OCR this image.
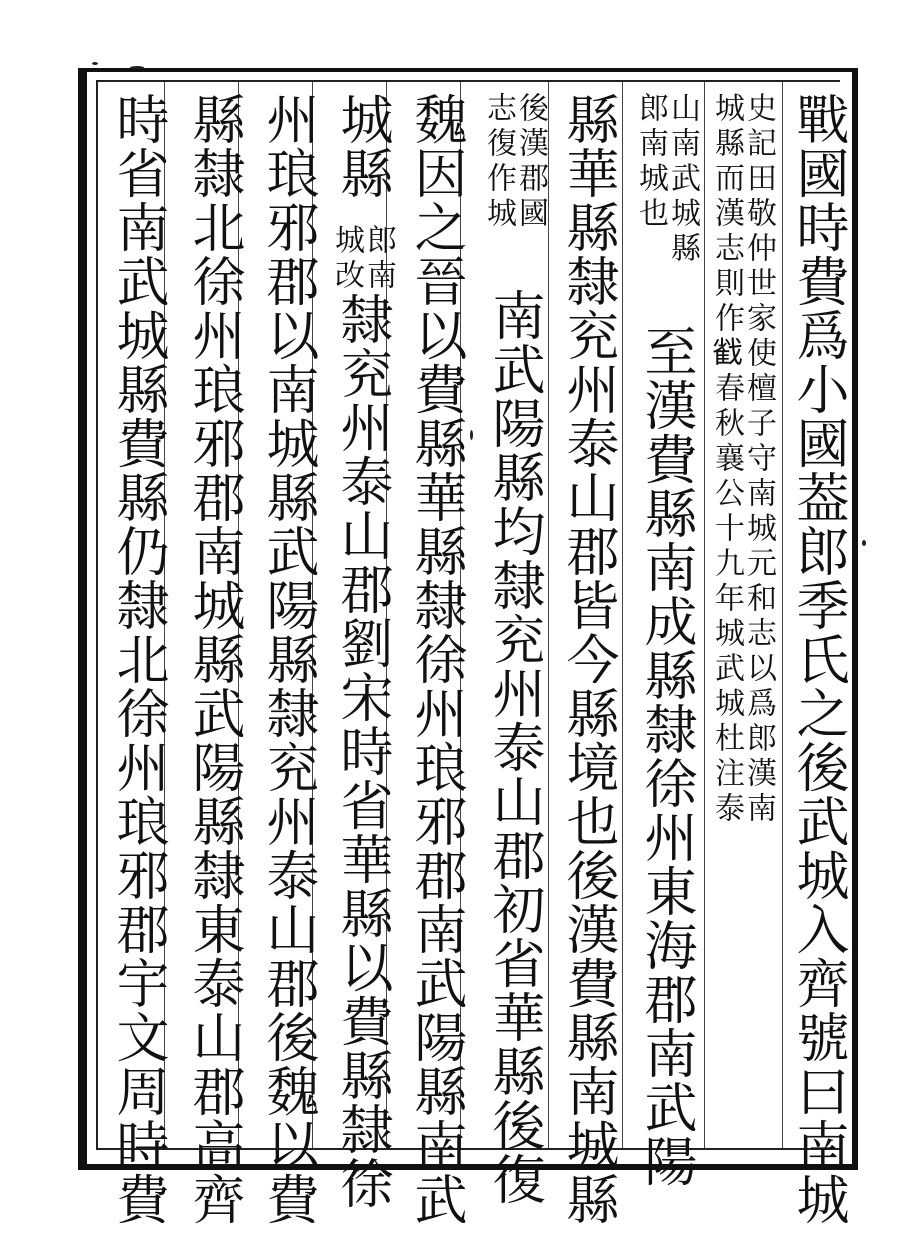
戰國時費爲小國葢郎季氏之後武城入齊號曰南城
史記田敬仲世家使檀子守南城元和志以爲郎漢南
城縣而漢志則作𢧵春秋襄公十九年城武城杜注泰
山南武城縣
郎南城也
至漢費縣南成縣隸徐州東海郡南武陽
縣華縣隸兖州泰山郡皆今縣境也後漢費縣南城縣
後漢郡國
志復作城
南武陽縣均隸兖州泰山郡初省華縣後復
魏因之晉以費縣華縣隸徐州琅邪郡南武陽縣南武
城縣
郎南
城改
隸兖州泰山郡劉宋時省華縣以費縣隸徐
州琅邪郡以南城縣武陽縣隸兖州泰山郡後魏以費
縣隸北徐州琅邪郡南城縣武陽縣隸東泰山郡高齊
時省南武城縣費縣仍隸北徐州琅邪郡宇文周時費
